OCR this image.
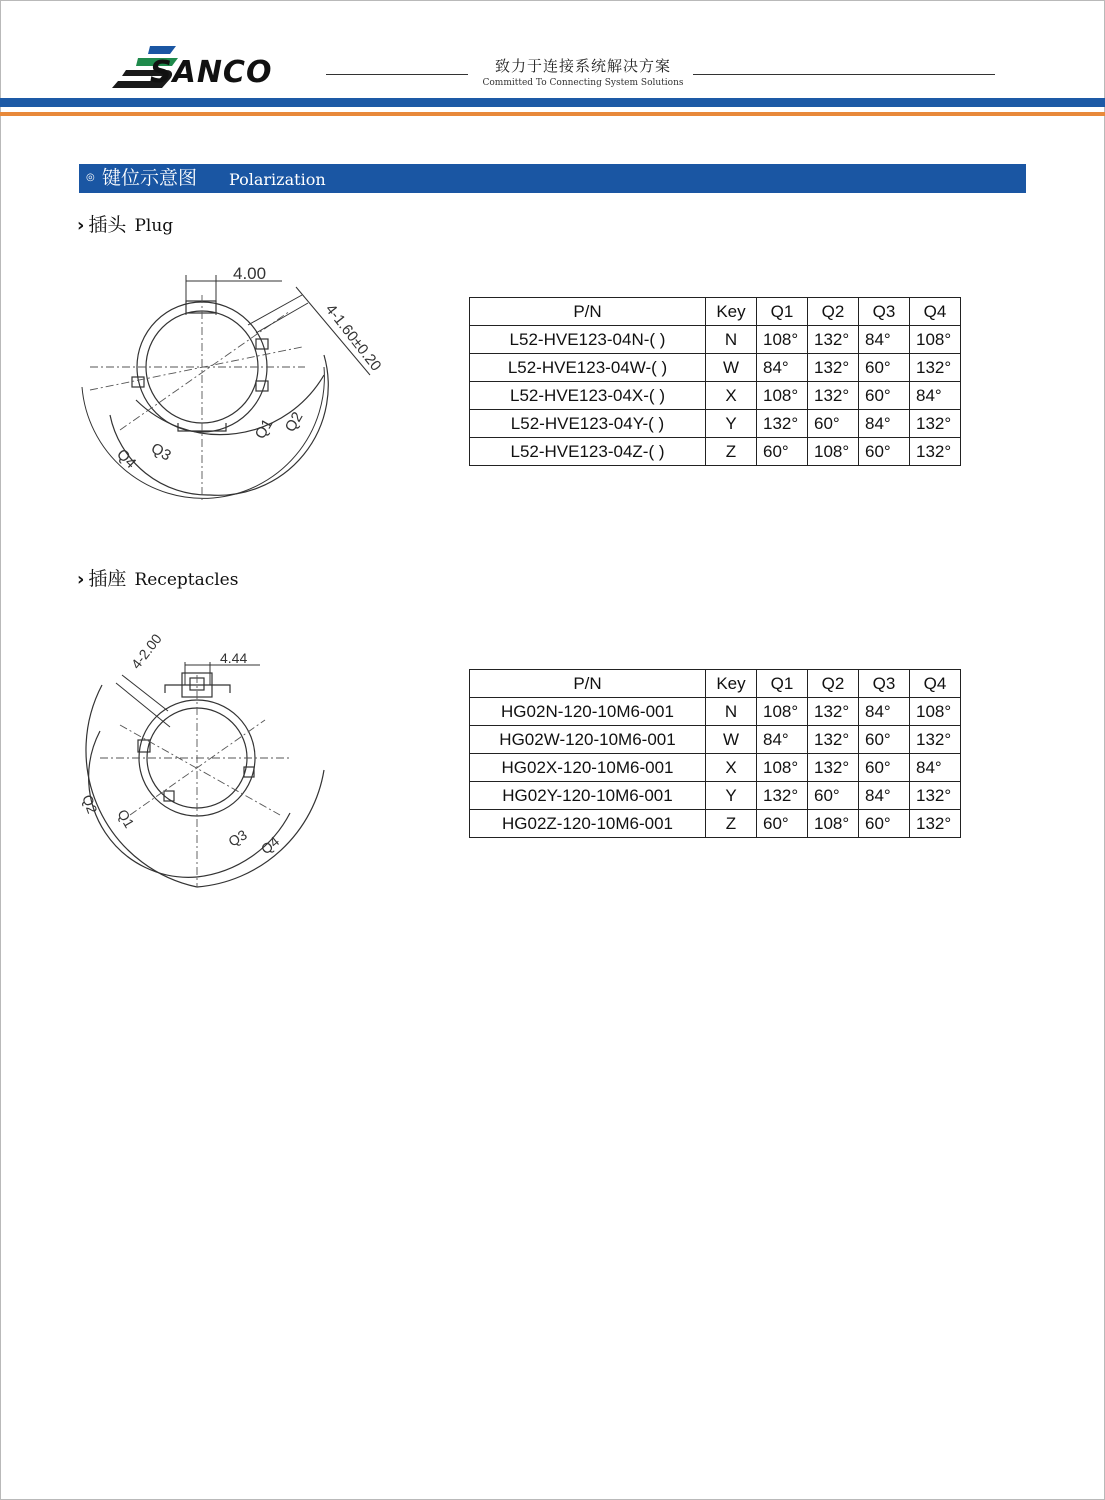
SANCO	致力于连接系统解决方案
Committed To Connecting System Solutions
◎ 键位示意图 Polarization
› 插头 Plug
4.00
4-1.60±0.20
Q1 Q2
Q3
Q4
P/N	Key	Q1	Q2	Q3	Q4
L52-HVE123-04N-( )	N	108°	132°	84°	108°
L52-HVE123-04W-( )	W	84°	132°	60°	132°
L52-HVE123-04X-( )	X	108°	132°	60°	84°
L52-HVE123-04Y-( )	Y	132°	60°	84°	132°
L52-HVE123-04Z-( )	Z	60°	108°	60°	132°
› 插座 Receptacles
4.44
4-2.00
Q1
Q2
Q3 Q4
P/N	Key	Q1	Q2	Q3	Q4
HG02N-120-10M6-001	N	108°	132°	84°	108°
HG02W-120-10M6-001	W	84°	132°	60°	132°
HG02X-120-10M6-001	X	108°	132°	60°	84°
HG02Y-120-10M6-001	Y	132°	60°	84°	132°
HG02Z-120-10M6-001	Z	60°	108°	60°	132°
